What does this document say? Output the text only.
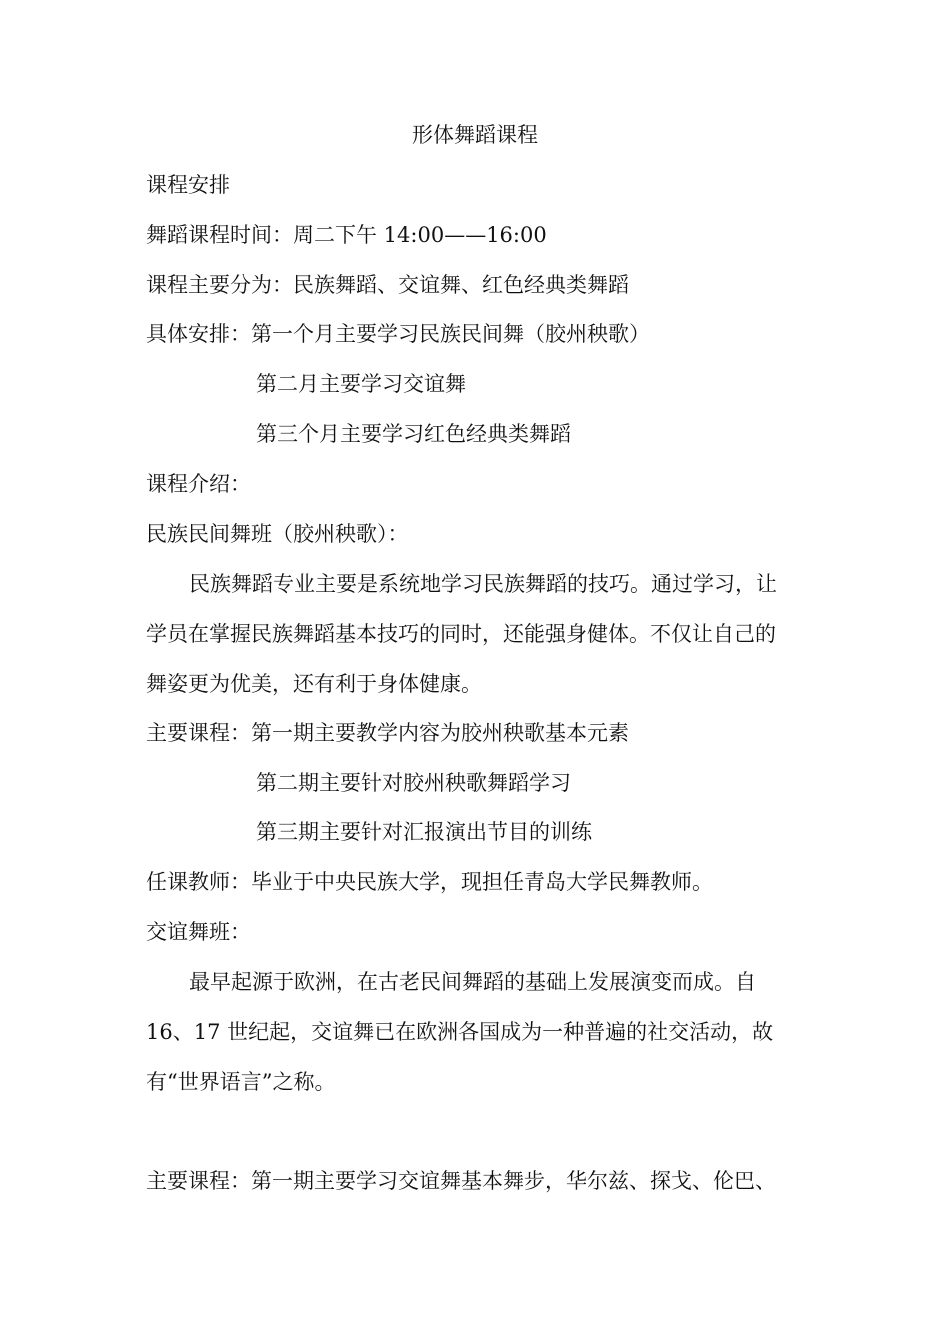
形体舞蹈课程
课程安排
舞蹈课程时间：周二下午 14:00——16:00
课程主要分为：民族舞蹈、交谊舞、红色经典类舞蹈
具体安排：第一个月主要学习民族民间舞（胶州秧歌）
第二月主要学习交谊舞
第三个月主要学习红色经典类舞蹈
课程介绍：
民族民间舞班（胶州秧歌）：
民族舞蹈专业主要是系统地学习民族舞蹈的技巧。通过学习，让
学员在掌握民族舞蹈基本技巧的同时，还能强身健体。不仅让自己的
舞姿更为优美，还有利于身体健康。
主要课程：第一期主要教学内容为胶州秧歌基本元素
第二期主要针对胶州秧歌舞蹈学习
第三期主要针对汇报演出节目的训练
任课教师：毕业于中央民族大学，现担任青岛大学民舞教师。
交谊舞班：
最早起源于欧洲，在古老民间舞蹈的基础上发展演变而成。自
16、17 世纪起，交谊舞已在欧洲各国成为一种普遍的社交活动，故
有“世界语言”之称。
主要课程：第一期主要学习交谊舞基本舞步，华尔兹、探戈、伦巴、
